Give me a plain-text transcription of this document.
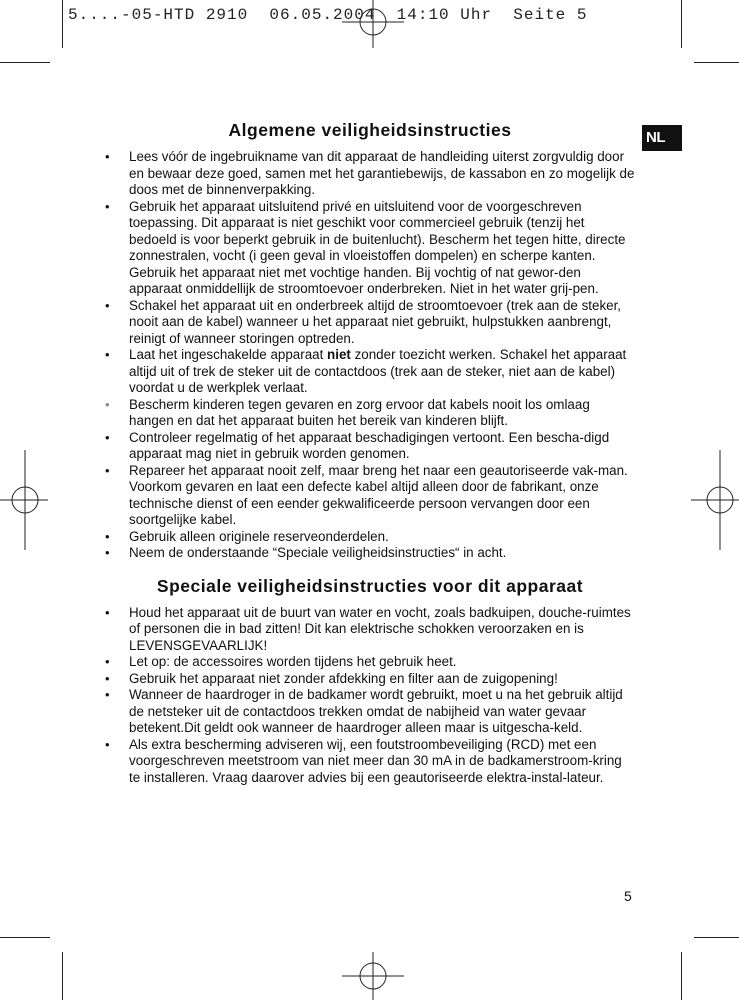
5....-05-HTD 2910  06.05.2004  14:10 Uhr  Seite 5
NL
Algemene veiligheidsinstructies
•	Lees vóór de ingebruikname van dit apparaat de handleiding uiterst zorgvuldig door en bewaar deze goed, samen met het garantiebewijs, de kassabon en zo mogelijk de doos met de binnenverpakking.
•	Gebruik het apparaat uitsluitend privé en uitsluitend voor de voorgeschreven toepassing. Dit apparaat is niet geschikt voor commercieel gebruik (tenzij het bedoeld is voor beperkt gebruik in de buitenlucht). Bescherm het tegen hitte, directe zonnestralen, vocht (i geen geval in vloeistoffen dompelen) en scherpe kanten. Gebruik het apparaat niet met vochtige handen. Bij vochtig of nat gewor-den apparaat onmiddellijk de stroomtoevoer onderbreken. Niet in het water grij-pen.
•	Schakel het apparaat uit en onderbreek altijd de stroomtoevoer (trek aan de steker, nooit aan de kabel) wanneer u het apparaat niet gebruikt, hulpstukken aanbrengt, reinigt of wanneer storingen optreden.
•	Laat het ingeschakelde apparaat niet zonder toezicht werken. Schakel het apparaat altijd uit of trek de steker uit de contactdoos (trek aan de steker, niet aan de kabel) voordat u de werkplek verlaat.
•	Bescherm kinderen tegen gevaren en zorg ervoor dat kabels nooit los omlaag hangen en dat het apparaat buiten het bereik van kinderen blijft.
•	Controleer regelmatig of het apparaat beschadigingen vertoont. Een bescha-digd apparaat mag niet in gebruik worden genomen.
•	Repareer het apparaat nooit zelf, maar breng het naar een geautoriseerde vak-man. Voorkom gevaren en laat een defecte kabel altijd alleen door de fabrikant, onze technische dienst of een eender gekwalificeerde persoon vervangen door een soortgelijke kabel.
•	Gebruik alleen originele reserveonderdelen.
•	Neem de onderstaande “Speciale veiligheidsinstructies“ in acht.
Speciale veiligheidsinstructies voor dit apparaat
•	Houd het apparaat uit de buurt van water en vocht, zoals badkuipen, douche-ruimtes of personen die in bad zitten! Dit kan elektrische schokken veroorzaken en is LEVENSGEVAARLIJK!
•	Let op: de accessoires worden tijdens het gebruik heet.
•	Gebruik het apparaat niet zonder afdekking en filter aan de zuigopening!
•	Wanneer de haardroger in de badkamer wordt gebruikt, moet u na het gebruik altijd de netsteker uit de contactdoos trekken omdat de nabijheid van water gevaar betekent.Dit geldt ook wanneer de haardroger alleen maar is uitgescha-keld.
•	Als extra bescherming adviseren wij, een foutstroombeveiliging (RCD) met een voorgeschreven meetstroom van niet meer dan 30 mA in de badkamerstroom-kring te installeren. Vraag daarover advies bij een geautoriseerde elektra-instal-lateur.
5
